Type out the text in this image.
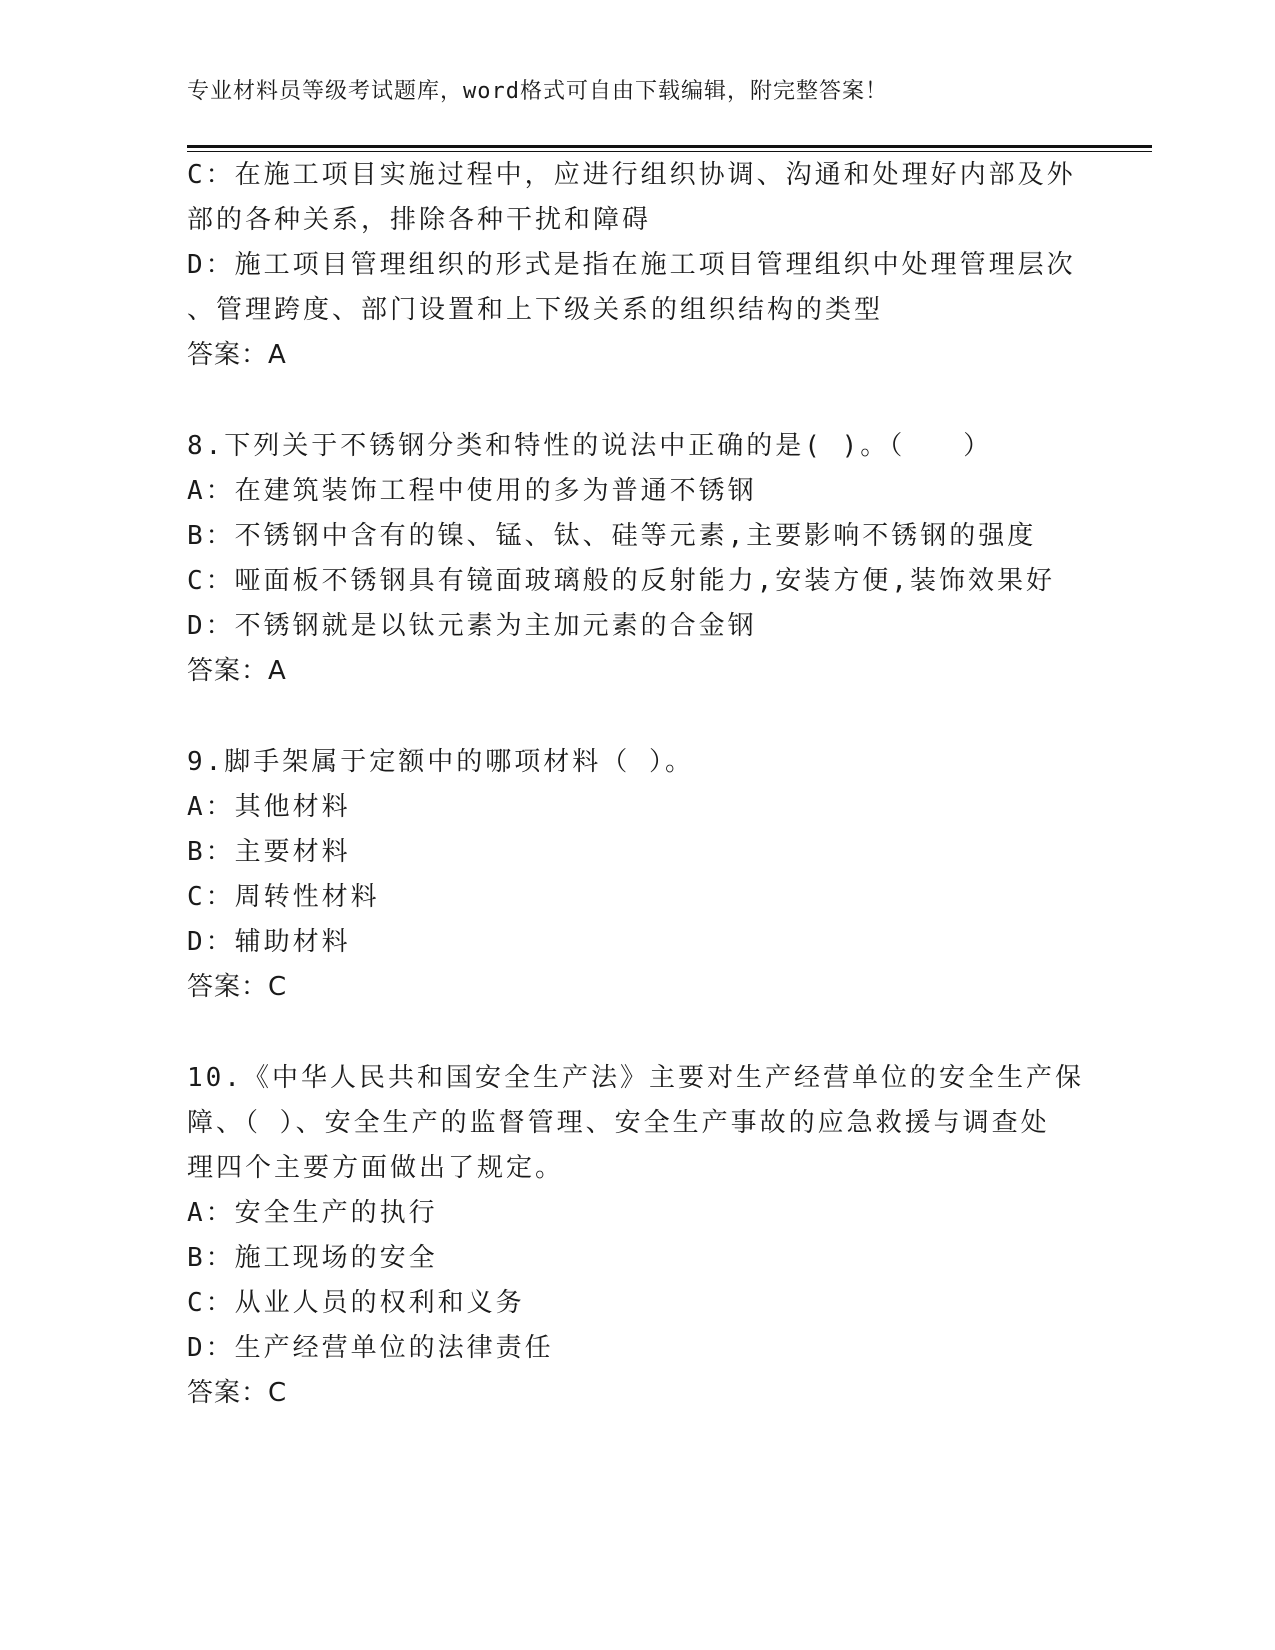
专业材料员等级考试题库，word格式可自由下载编辑，附完整答案！
C：在施工项目实施过程中，应进行组织协调、沟通和处理好内部及外
部的各种关系，排除各种干扰和障碍
D：施工项目管理组织的形式是指在施工项目管理组织中处理管理层次
、管理跨度、部门设置和上下级关系的组织结构的类型
答案：A
8.下列关于不锈钢分类和特性的说法中正确的是( )。（　　）
A：在建筑装饰工程中使用的多为普通不锈钢
B：不锈钢中含有的镍、锰、钛、硅等元素,主要影响不锈钢的强度
C：哑面板不锈钢具有镜面玻璃般的反射能力,安装方便,装饰效果好
D：不锈钢就是以钛元素为主加元素的合金钢
答案：A
9.脚手架属于定额中的哪项材料（ ）。
A：其他材料
B：主要材料
C：周转性材料
D：辅助材料
答案：C
10.《中华人民共和国安全生产法》主要对生产经营单位的安全生产保
障、（ ）、安全生产的监督管理、安全生产事故的应急救援与调查处
理四个主要方面做出了规定。
A：安全生产的执行
B：施工现场的安全
C：从业人员的权利和义务
D：生产经营单位的法律责任
答案：C
